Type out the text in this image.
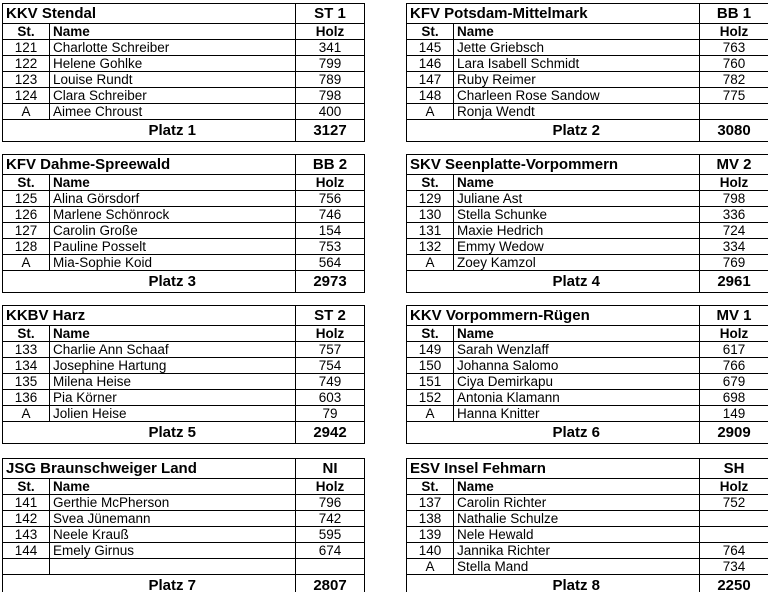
KKV Stendal		ST 1
St.	Name	Holz
121	Charlotte Schreiber	341
122	Helene Gohlke	799
123	Louise Rundt	789
124	Clara Schreiber	798
A	Aimee Chroust	400
	Platz 1	3127
KFV Potsdam-Mittelmark		BB 1
St.	Name	Holz
145	Jette Griebsch	763
146	Lara Isabell Schmidt	760
147	Ruby Reimer	782
148	Charleen Rose Sandow	775
A	Ronja Wendt	
	Platz 2	3080
KFV Dahme-Spreewald		BB 2
St.	Name	Holz
125	Alina Görsdorf	756
126	Marlene Schönrock	746
127	Carolin Große	154
128	Pauline Posselt	753
A	Mia-Sophie Koid	564
	Platz 3	2973
SKV Seenplatte-Vorpommern		MV 2
St.	Name	Holz
129	Juliane Ast	798
130	Stella Schunke	336
131	Maxie Hedrich	724
132	Emmy Wedow	334
A	Zoey Kamzol	769
	Platz 4	2961
KKBV Harz		ST 2
St.	Name	Holz
133	Charlie Ann Schaaf	757
134	Josephine Hartung	754
135	Milena Heise	749
136	Pia Körner	603
A	Jolien Heise	79
	Platz 5	2942
KKV Vorpommern-Rügen		MV 1
St.	Name	Holz
149	Sarah Wenzlaff	617
150	Johanna Salomo	766
151	Ciya Demirkapu	679
152	Antonia Klamann	698
A	Hanna Knitter	149
	Platz 6	2909
JSG Braunschweiger Land		NI
St.	Name	Holz
141	Gerthie McPherson	796
142	Svea Jünemann	742
143	Neele Krauß	595
144	Emely Girnus	674

	Platz 7	2807
ESV Insel Fehmarn		SH
St.	Name	Holz
137	Carolin Richter	752
138	Nathalie Schulze	
139	Nele Hewald	
140	Jannika Richter	764
A	Stella Mand	734
	Platz 8	2250
